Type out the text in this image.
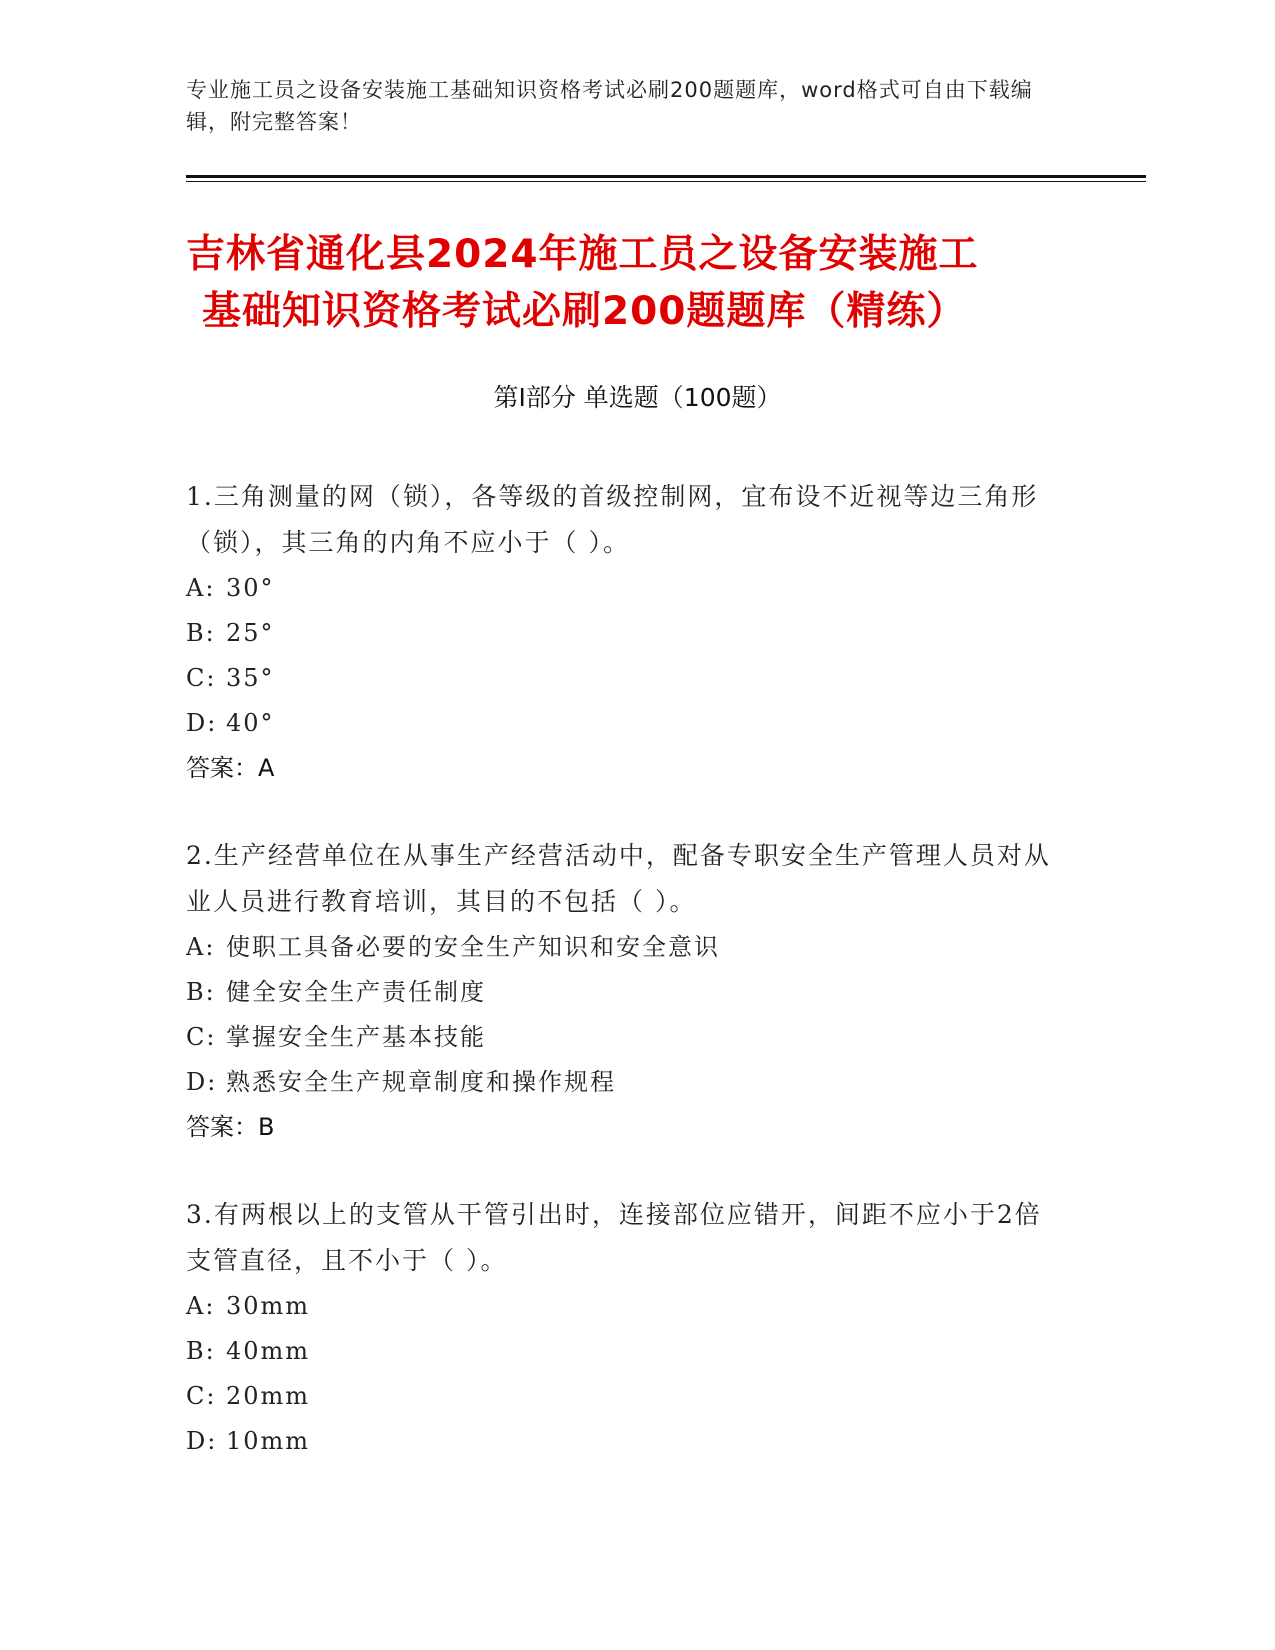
专业施工员之设备安装施工基础知识资格考试必刷200题题库，word格式可自由下载编辑，附完整答案！
吉林省通化县2024年施工员之设备安装施工
基础知识资格考试必刷200题题库（精练）
第I部分 单选题（100题）
1.三角测量的网（锁），各等级的首级控制网，宜布设不近视等边三角形（锁），其三角的内角不应小于（ ）。
A: 30°
B: 25°
C: 35°
D: 40°
答案：A
2.生产经营单位在从事生产经营活动中，配备专职安全生产管理人员对从业人员进行教育培训，其目的不包括（ ）。
A: 使职工具备必要的安全生产知识和安全意识
B: 健全安全生产责任制度
C: 掌握安全生产基本技能
D: 熟悉安全生产规章制度和操作规程
答案：B
3.有两根以上的支管从干管引出时，连接部位应错开，间距不应小于2倍支管直径，且不小于（ ）。
A: 30mm
B: 40mm
C: 20mm
D: 10mm
